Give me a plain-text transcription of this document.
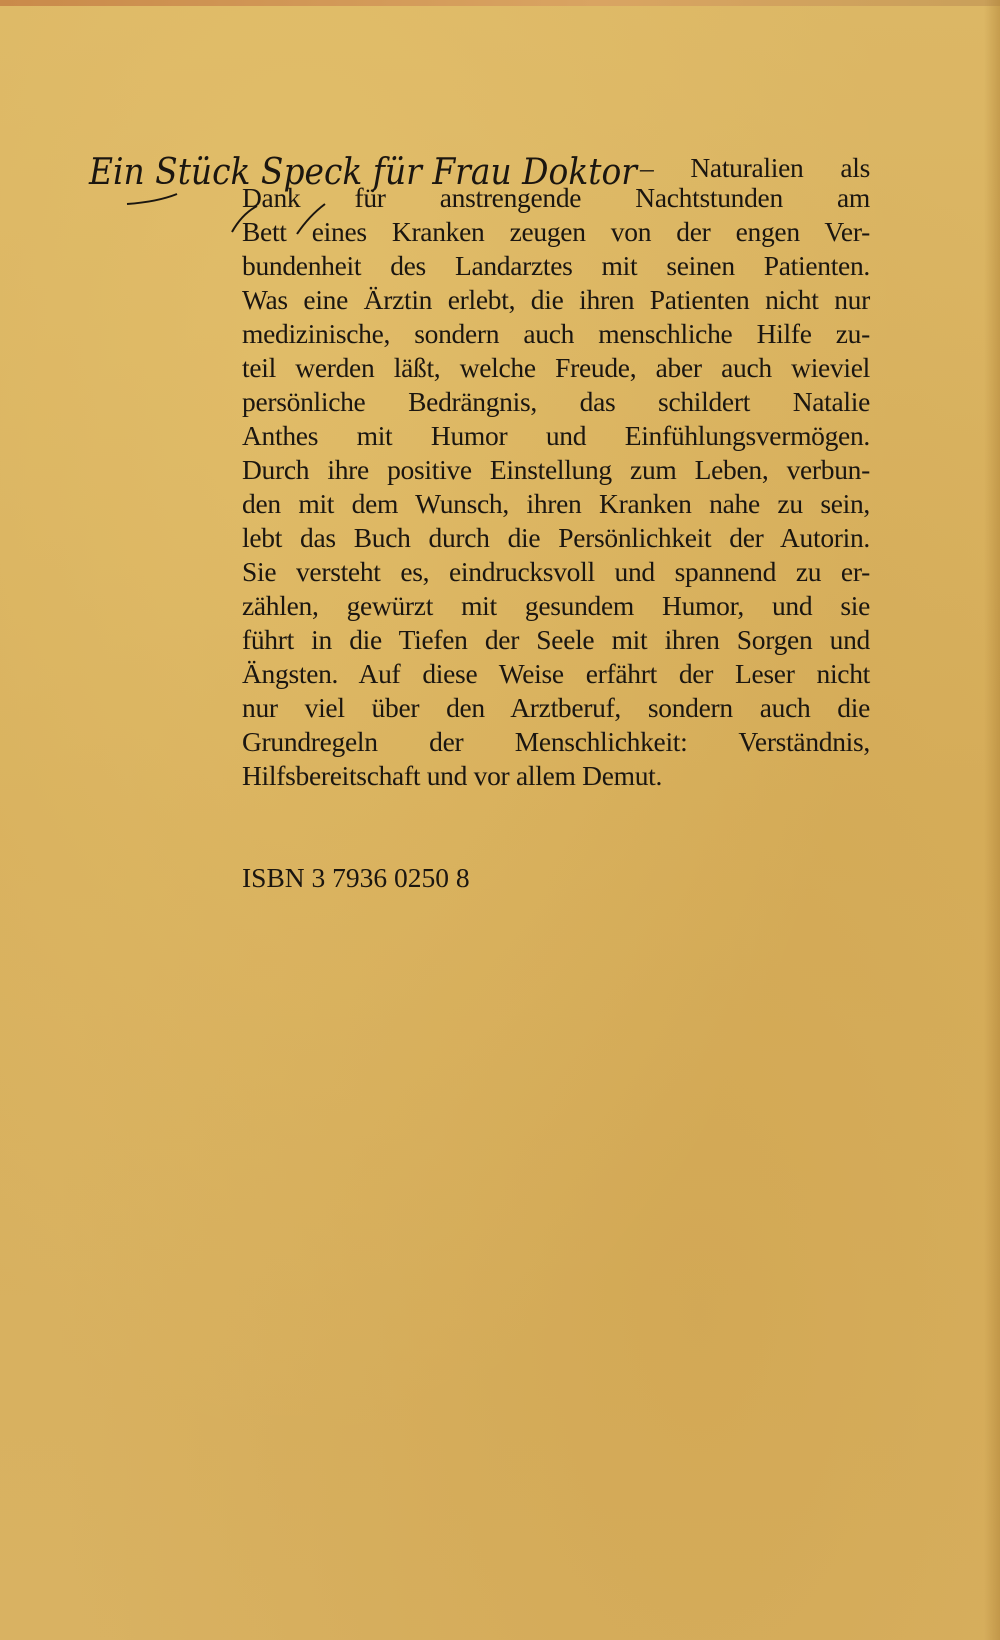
Ein Stück Speck für Frau Doktor – Naturalien als
Dank für anstrengende Nachtstunden am
Bett eines Kranken zeugen von der engen Ver-
bundenheit des Landarztes mit seinen Patienten.
Was eine Ärztin erlebt, die ihren Patienten nicht nur
medizinische, sondern auch menschliche Hilfe zu-
teil werden läßt, welche Freude, aber auch wieviel
persönliche Bedrängnis, das schildert Natalie
Anthes mit Humor und Einfühlungsvermögen.
Durch ihre positive Einstellung zum Leben, verbun-
den mit dem Wunsch, ihren Kranken nahe zu sein,
lebt das Buch durch die Persönlichkeit der Autorin.
Sie versteht es, eindrucksvoll und spannend zu er-
zählen, gewürzt mit gesundem Humor, und sie
führt in die Tiefen der Seele mit ihren Sorgen und
Ängsten. Auf diese Weise erfährt der Leser nicht
nur viel über den Arztberuf, sondern auch die
Grundregeln der Menschlichkeit: Verständnis,
Hilfsbereitschaft und vor allem Demut.
ISBN 3 7936 0250 8
